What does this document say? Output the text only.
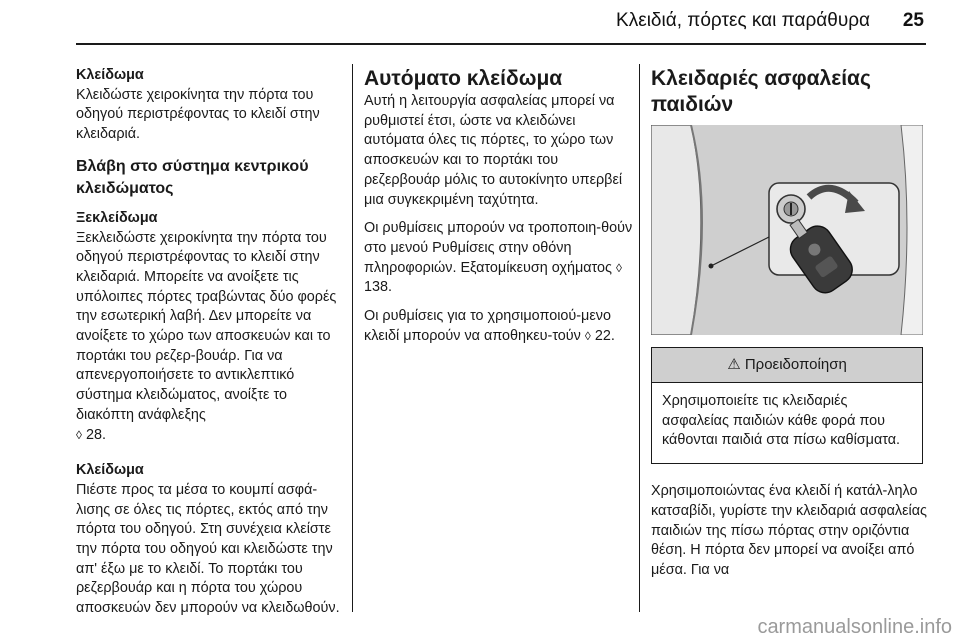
Κλειδιά, πόρτες και παράθυρα 25

Κλείδωμα

Κλειδώστε χειροκίνητα την πόρτα του οδηγού περιστρέφοντας το κλειδί στην κλειδαριά.

Βλάβη στο σύστημα κεντρικού κλειδώματος

Ξεκλείδωμα

Ξεκλειδώστε χειροκίνητα την πόρτα του οδηγού περιστρέφοντας το κλειδί στην κλειδαριά. Μπορείτε να ανοίξετε τις υπόλοιπες πόρτες τραβώντας δύο φορές την εσωτερική λαβή. Δεν μπορείτε να ανοίξετε το χώρο των αποσκευών και το πορτάκι του ρεζερ-βουάρ. Για να απενεργοποιήσετε το αντικλεπτικό σύστημα κλειδώματος, ανοίξτε το διακόπτη ανάφλεξης
◊ 28.

Κλείδωμα

Πιέστε προς τα μέσα το κουμπί ασφά-λισης σε όλες τις πόρτες, εκτός από την πόρτα του οδηγού. Στη συνέχεια κλείστε την πόρτα του οδηγού και κλειδώστε την απ' έξω με το κλειδί. Το πορτάκι του ρεζερβουάρ και η πόρτα του χώρου αποσκευών δεν μπορούν να κλειδωθούν.

Αυτόματο κλείδωμα

Αυτή η λειτουργία ασφαλείας μπορεί να ρυθμιστεί έτσι, ώστε να κλειδώνει αυτόματα όλες τις πόρτες, το χώρο των αποσκευών και το πορτάκι του ρεζερβουάρ μόλις το αυτοκίνητο υπερβεί μια συγκεκριμένη ταχύτητα.

Οι ρυθμίσεις μπορούν να τροποποιη-θούν στο μενού Ρυθμίσεις στην οθόνη πληροφοριών. Εξατομίκευση οχήματος ◊ 138.

Οι ρυθμίσεις για το χρησιμοποιού-μενο κλειδί μπορούν να αποθηκευ-τούν ◊ 22.

Κλειδαριές ασφαλείας παιδιών

⚠ Προειδοποίηση
Χρησιμοποιείτε τις κλειδαριές ασφαλείας παιδιών κάθε φορά που κάθονται παιδιά στα πίσω καθίσματα.

Χρησιμοποιώντας ένα κλειδί ή κατάλ-ληλο κατσαβίδι, γυρίστε την κλειδαριά ασφαλείας παιδιών της πίσω πόρτας στην οριζόντια θέση. Η πόρτα δεν μπορεί να ανοίξει από μέσα. Για να

carmanualsonline.info
